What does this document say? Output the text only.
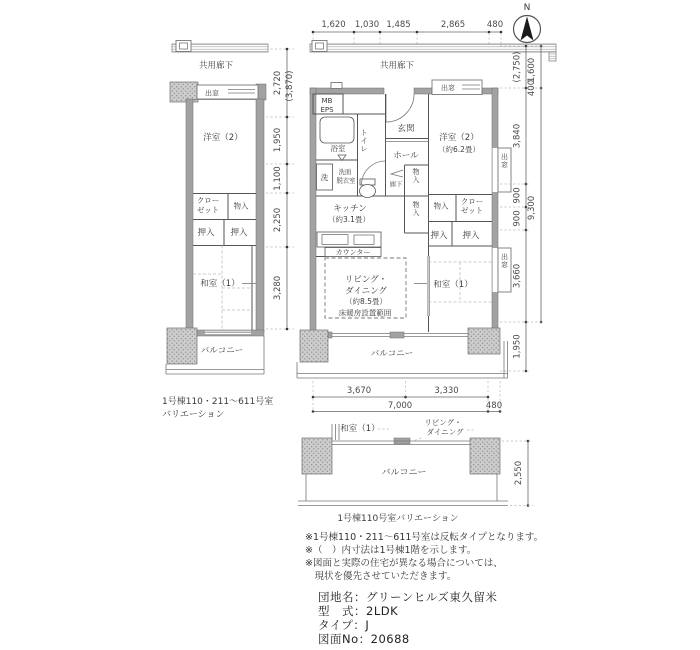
N
1,620 1,030 1,485	2,865	480
共用廊下	共用廊下
出窓
洋室（2）
クロー
ゼット 物入
押入 押入
和室（1）
バルコニー
1号棟110・211〜611号室
バリエーション
2,720 (3,870)
1,950
1,100
2,250
3,280
出窓
出窓
出窓
MB
EPS
浴室
トイレ
洗
洗面
脱衣室
玄関
ホール
廊下
物入
物入
キッチン
（約3.1畳）
カウンター
リビング・
ダイニング
（約8.5畳）
床暖房設置範囲
洋室（2）
（約6.2畳）
物入 クロー
ゼット
押入 押入
和室（1）
バルコニー
(2,750) 1,600
400
3,840
900
900 9,300
3,660
1,950
3,670	3,330
7,000	480
和室（1）
リビング・
ダイニング
バルコニー	2,550
1号棟110号室バリエーション
※1号棟110・211〜611号室は反転タイプとなります。
※（　）内寸法は1号棟1階を示します。
※図面と実際の住宅が異なる場合については、
　現状を優先させていただきます。
団地名：グリーンヒルズ東久留米
型　式：2LDK
タイプ：J
図面No：20688
